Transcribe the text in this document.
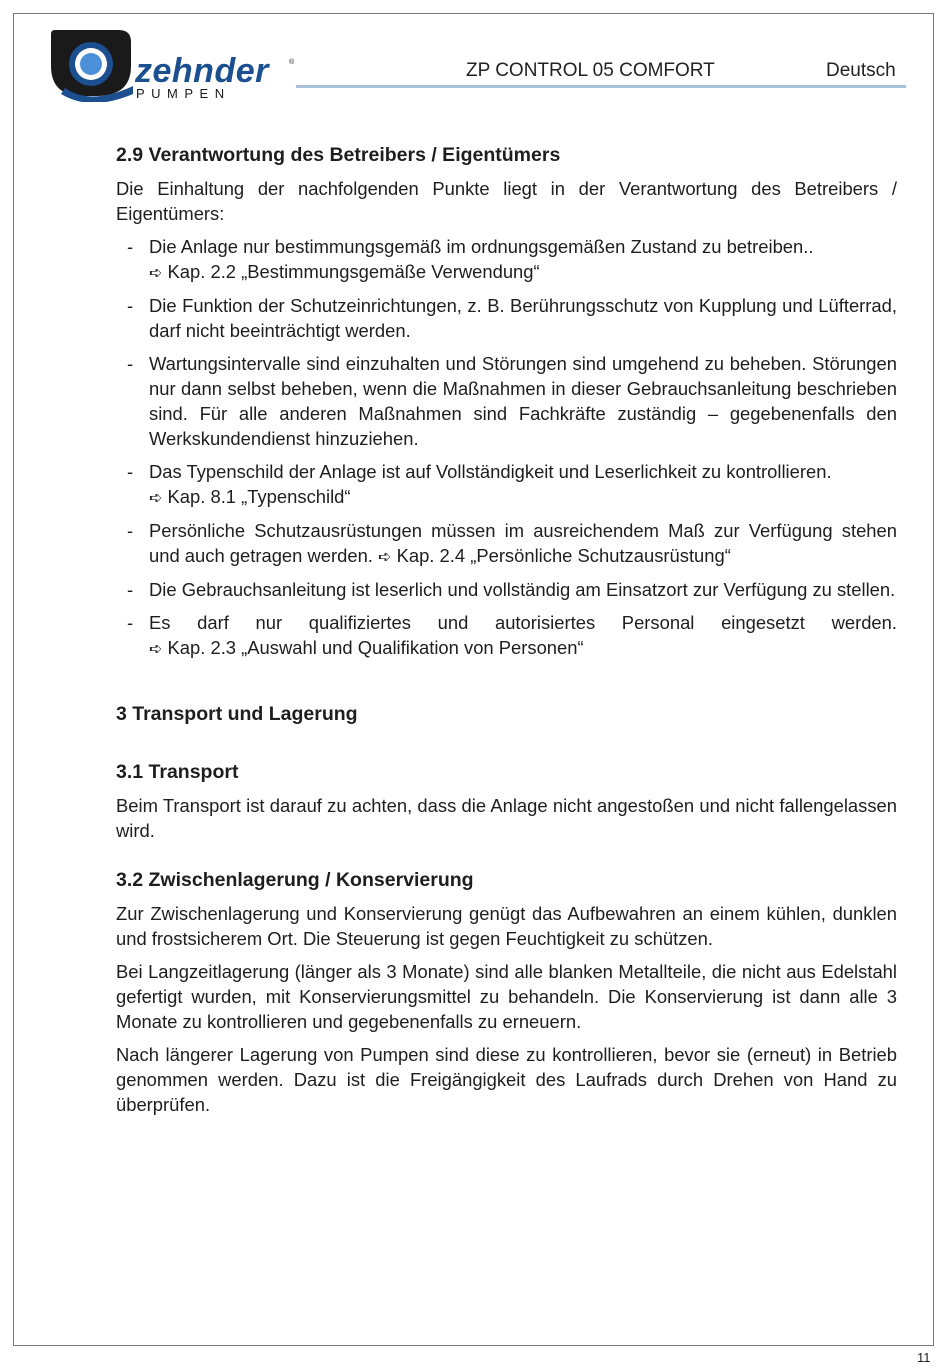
zehnder	®
PUMPEN
ZP CONTROL 05 COMFORT	Deutsch
2.9 Verantwortung des Betreibers / Eigentümers

Die Einhaltung der nachfolgenden Punkte liegt in der Verantwortung des Betreibers / Eigentümers:

- Die Anlage nur bestimmungsgemäß im ordnungsgemäßen Zustand zu betreiben..
➪ Kap. 2.2 „Bestimmungsgemäße Verwendung“
- Die Funktion der Schutzeinrichtungen, z. B. Berührungsschutz von Kupplung und Lüfterrad, darf nicht beeinträchtigt werden.
- Wartungsintervalle sind einzuhalten und Störungen sind umgehend zu beheben. Störungen nur dann selbst beheben, wenn die Maßnahmen in dieser Gebrauchsanleitung beschrieben sind. Für alle anderen Maßnahmen sind Fachkräfte zuständig – gegebenenfalls den Werkskundendienst hinzuziehen.
- Das Typenschild der Anlage ist auf Vollständigkeit und Leserlichkeit zu kontrollieren.
➪ Kap. 8.1 „Typenschild“
- Persönliche Schutzausrüstungen müssen im ausreichendem Maß zur Verfügung stehen und auch getragen werden. ➪ Kap. 2.4 „Persönliche Schutzausrüstung“
- Die Gebrauchsanleitung ist leserlich und vollständig am Einsatzort zur Verfügung zu stellen.
- Es darf nur qualifiziertes und autorisiertes Personal eingesetzt werden.
➪ Kap. 2.3 „Auswahl und Qualifikation von Personen“
3 Transport und Lagerung
3.1 Transport

Beim Transport ist darauf zu achten, dass die Anlage nicht angestoßen und nicht fallengelassen wird.

3.2 Zwischenlagerung / Konservierung

Zur Zwischenlagerung und Konservierung genügt das Aufbewahren an einem kühlen, dunklen und frostsicherem Ort. Die Steuerung ist gegen Feuchtigkeit zu schützen.

Bei Langzeitlagerung (länger als 3 Monate) sind alle blanken Metallteile, die nicht aus Edelstahl gefertigt wurden, mit Konservierungsmittel zu behandeln. Die Konservierung ist dann alle 3 Monate zu kontrollieren und gegebenenfalls zu erneuern.

Nach längerer Lagerung von Pumpen sind diese zu kontrollieren, bevor sie (erneut) in Betrieb genommen werden. Dazu ist die Freigängigkeit des Laufrads durch Drehen von Hand zu überprüfen.

11
